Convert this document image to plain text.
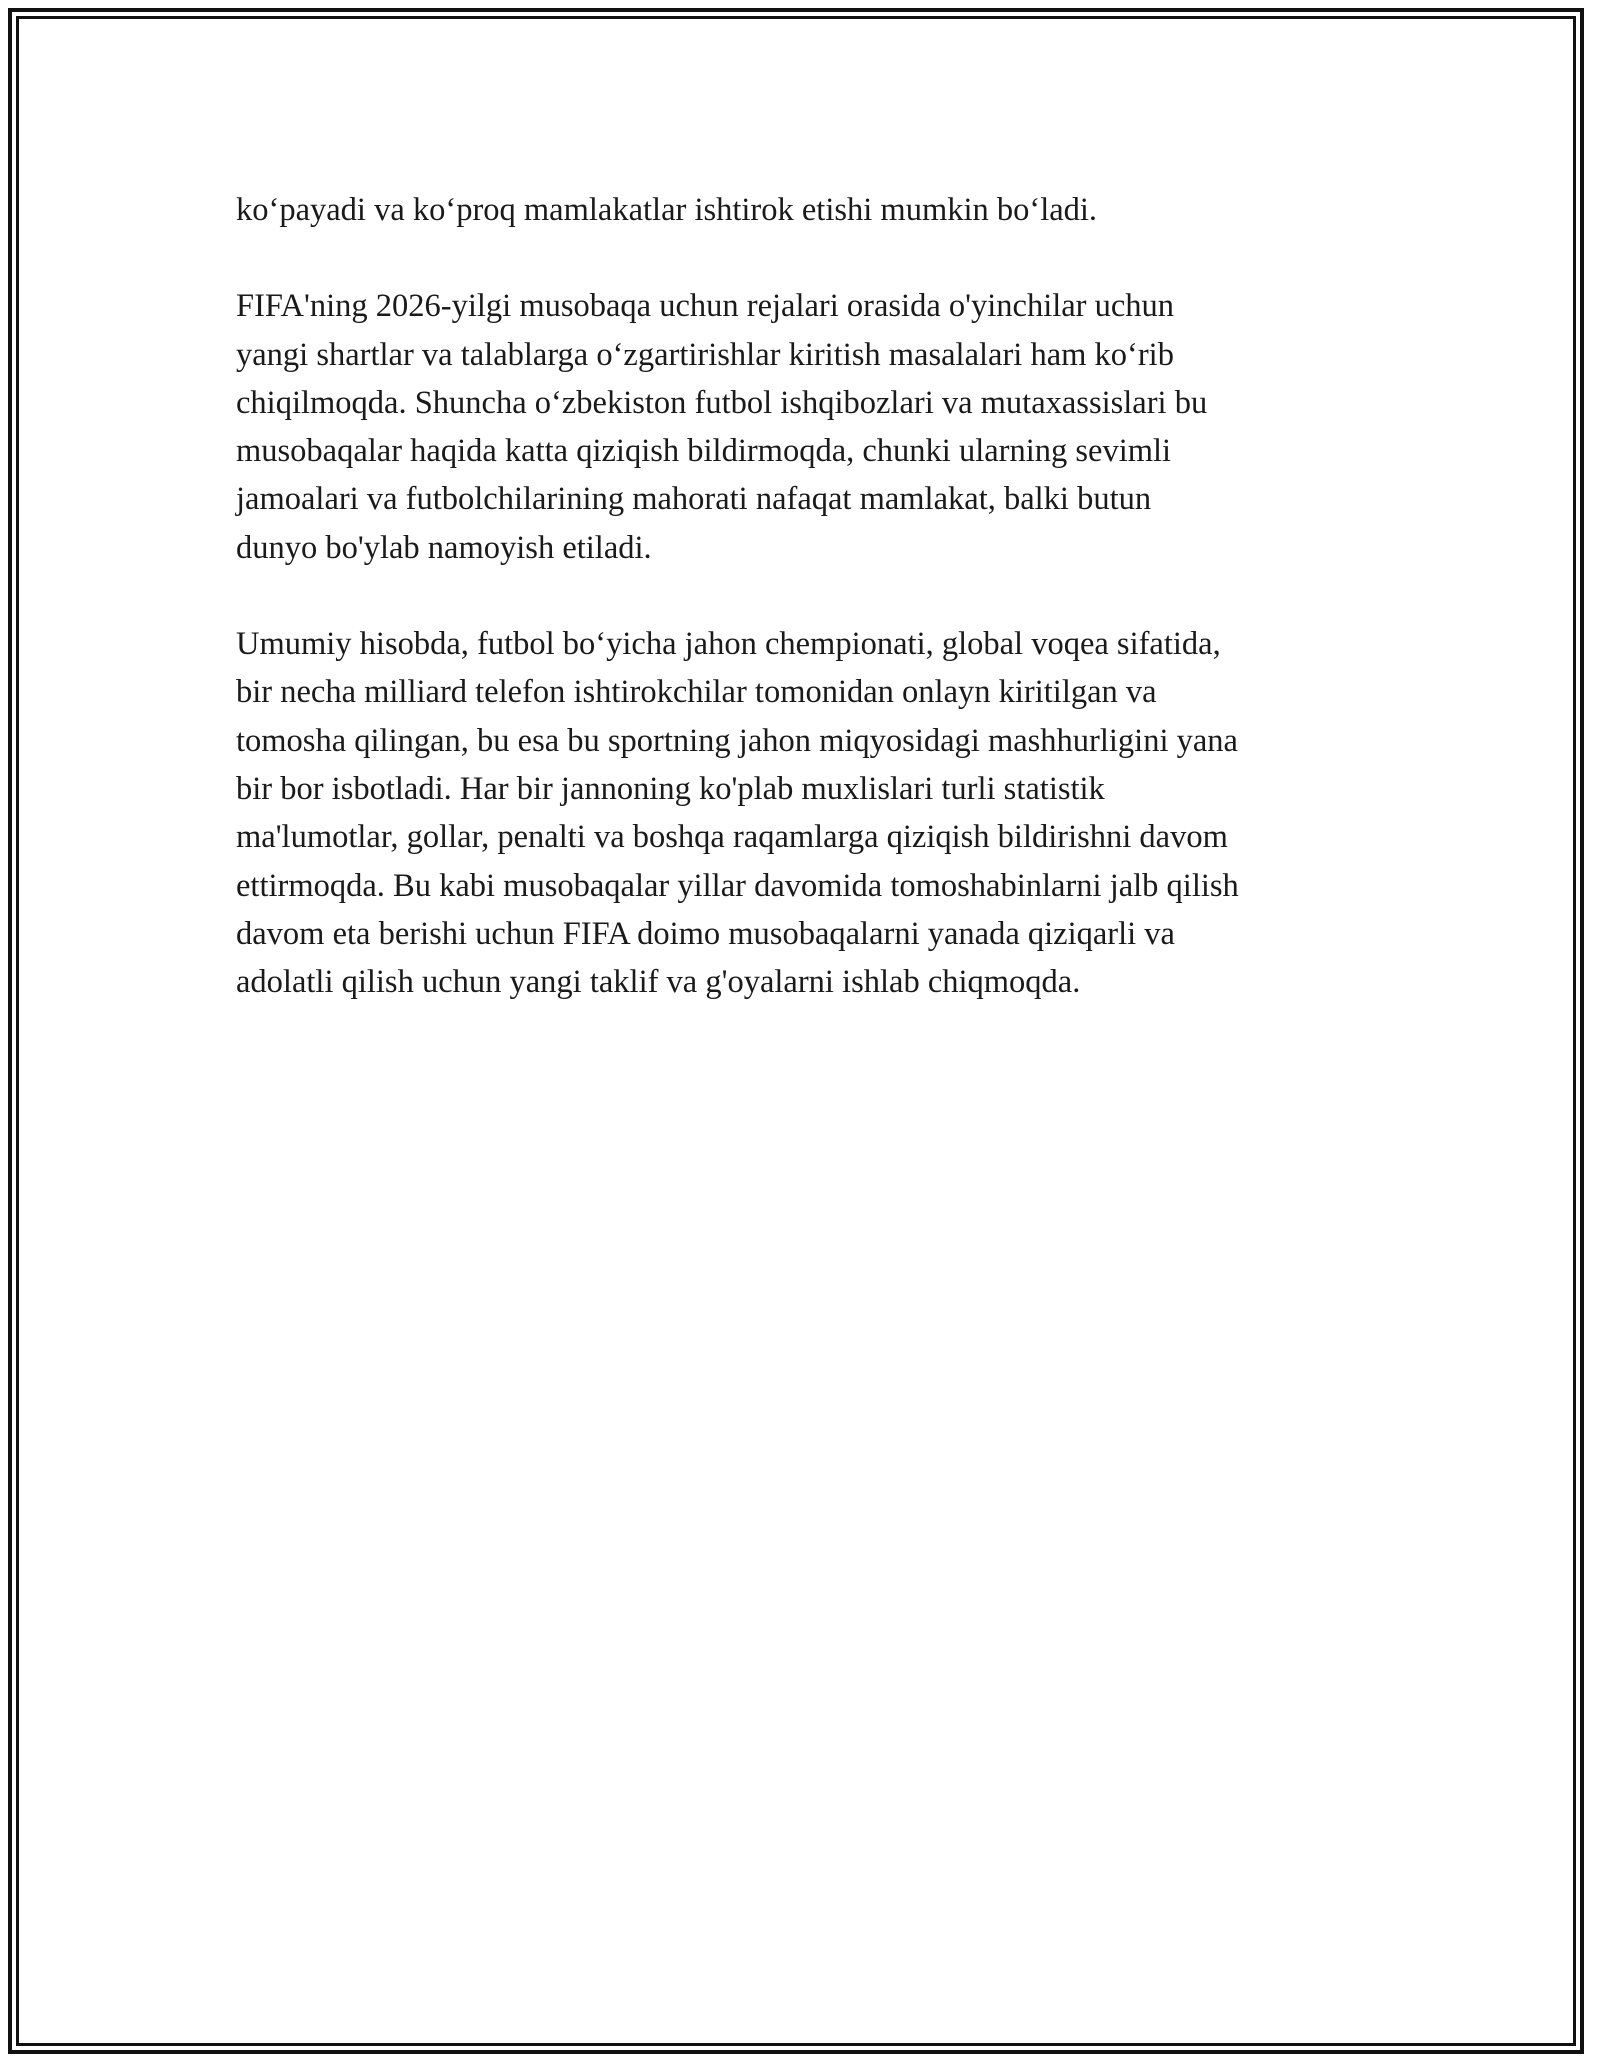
ko‘payadi va ko‘proq mamlakatlar ishtirok etishi mumkin bo‘ladi.

FIFA'ning 2026-yilgi musobaqa uchun rejalari orasida o'yinchilar uchun
yangi shartlar va talablarga o‘zgartirishlar kiritish masalalari ham ko‘rib
chiqilmoqda. Shuncha o‘zbekiston futbol ishqibozlari va mutaxassislari bu
musobaqalar haqida katta qiziqish bildirmoqda, chunki ularning sevimli
jamoalari va futbolchilarining mahorati nafaqat mamlakat, balki butun
dunyo bo'ylab namoyish etiladi.

Umumiy hisobda, futbol bo‘yicha jahon chempionati, global voqea sifatida,
bir necha milliard telefon ishtirokchilar tomonidan onlayn kiritilgan va
tomosha qilingan, bu esa bu sportning jahon miqyosidagi mashhurligini yana
bir bor isbotladi. Har bir jannoning ko'plab muxlislari turli statistik
ma'lumotlar, gollar, penalti va boshqa raqamlarga qiziqish bildirishni davom
ettirmoqda. Bu kabi musobaqalar yillar davomida tomoshabinlarni jalb qilish
davom eta berishi uchun FIFA doimo musobaqalarni yanada qiziqarli va
adolatli qilish uchun yangi taklif va g'oyalarni ishlab chiqmoqda.
